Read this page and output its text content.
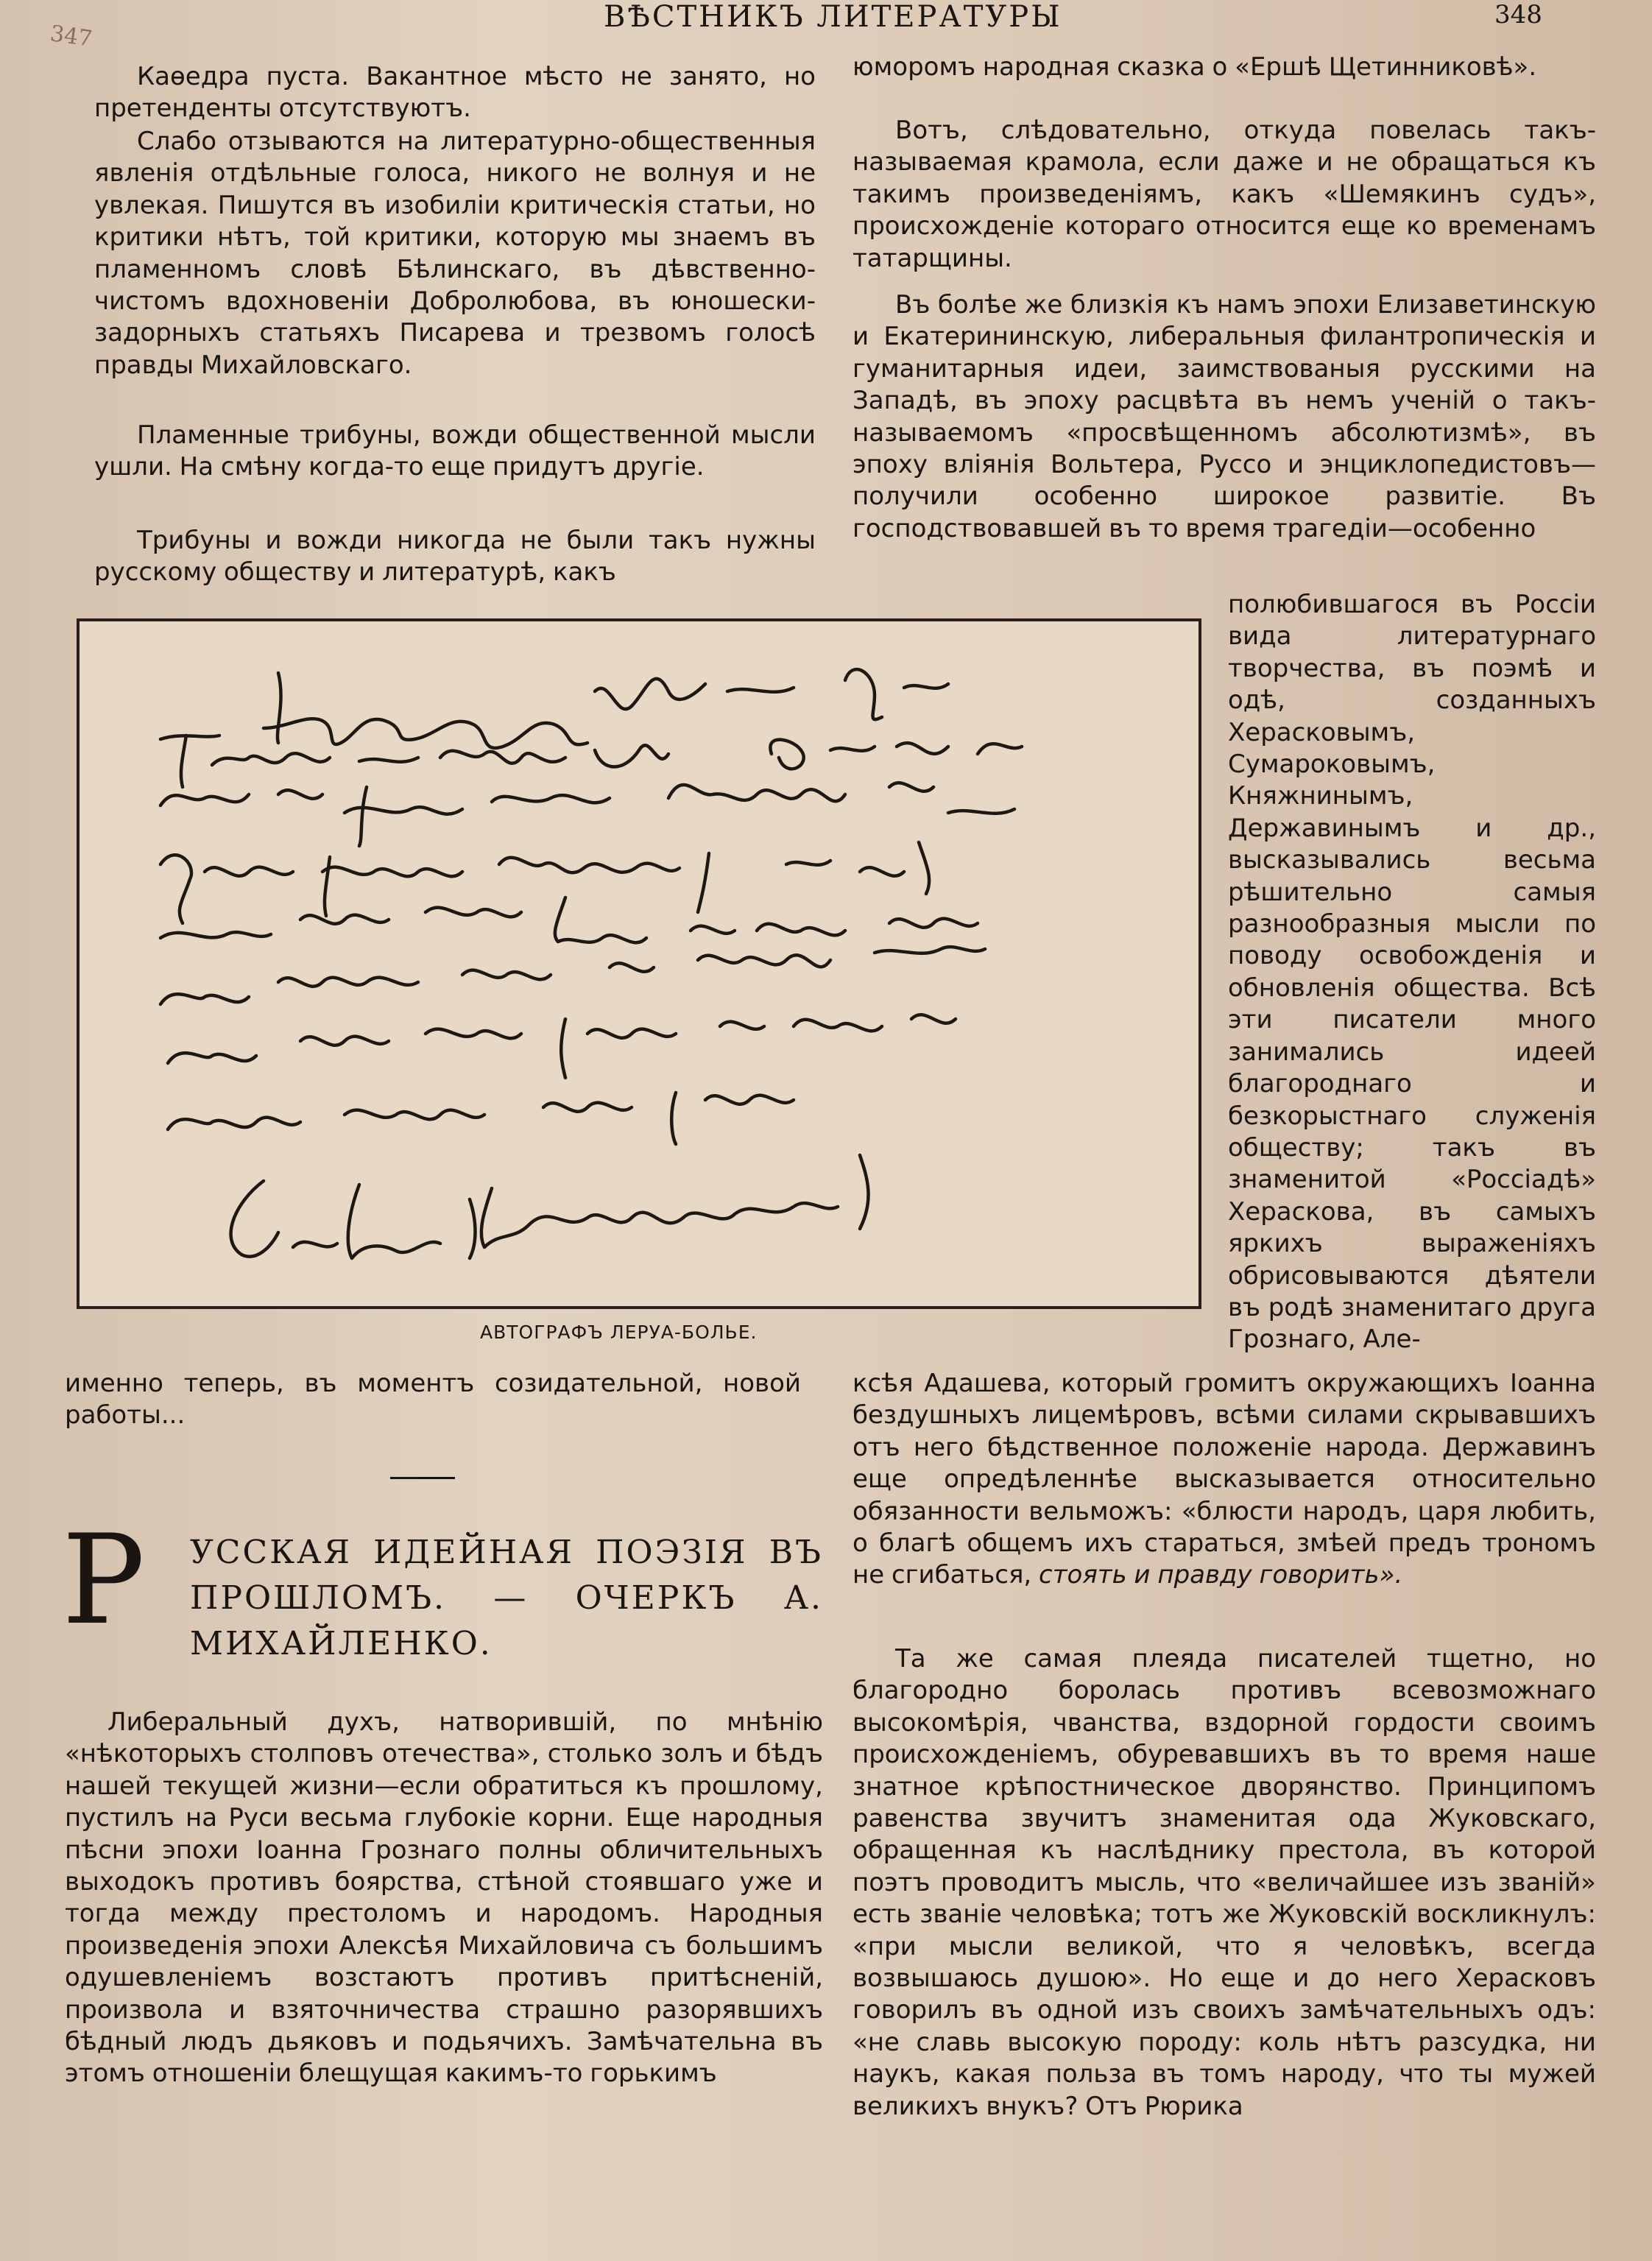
347
ВѢСТНИКЪ ЛИТЕРАТУРЫ	348

Каѳедра пуста. Вакантное мѣсто не занято, но претенденты отсутствуютъ.

Слабо отзываются на литературно-общественныя явленія отдѣльные голоса, никого не волнуя и не увлекая. Пишутся въ изобиліи критическія статьи, но критики нѣтъ, той критики, которую мы знаемъ въ пламенномъ словѣ Бѣлинскаго, въ дѣвственно-чистомъ вдохновеніи Добролюбова, въ юношески-задорныхъ статьяхъ Писарева и трезвомъ голосѣ правды Михайловскаго.

Пламенные трибуны, вожди общественной мысли ушли. На смѣну когда-то еще придутъ другіе.

Трибуны и вожди никогда не были такъ нужны русскому обществу и литературѣ, какъ

юморомъ народная сказка о «Ершѣ Щетинниковѣ».

Вотъ, слѣдовательно, откуда повелась такъ-называемая крамола, если даже и не обращаться къ такимъ произведеніямъ, какъ «Шемякинъ судъ», происхожденіе котораго относится еще ко временамъ татарщины.

Въ болѣе же близкія къ намъ эпохи Елизаветинскую и Екатерининскую, либеральныя филантропическія и гуманитарныя идеи, заимствованыя русскими на Западѣ, въ эпоху расцвѣта въ немъ ученій о такъ-называемомъ «просвѣщенномъ абсолютизмѣ», въ эпоху вліянія Вольтера, Руссо и энциклопедистовъ—получили особенно широкое развитіе. Въ господствовавшей въ то время трагедіи—особенно

полюбившагося въ Россіи вида литературнаго творчества, въ поэмѣ и одѣ, созданныхъ Херасковымъ, Сумароковымъ, Княжнинымъ, Державинымъ и др., высказывались весьма рѣшительно самыя разнообразныя мысли по поводу освобожденія и обновленія общества. Всѣ эти писатели много занимались идеей благороднаго и безкорыстнаго служенія обществу; такъ въ знаменитой «Россіадѣ» Хераскова, въ самыхъ яркихъ выраженіяхъ обрисовываются дѣятели въ родѣ знаменитаго друга Грознаго, Але-

АВТОГРАФЪ ЛЕРУА-БОЛЬЕ.

именно теперь, въ моментъ созидательной, новой работы...

Р УССКАЯ ИДЕЙНАЯ ПОЭЗІЯ ВЪ ПРОШЛОМЪ. — ОЧЕРКЪ А. МИХАЙЛЕНКО.

Либеральный духъ, натворившій, по мнѣнію «нѣкоторыхъ столповъ отечества», столько золъ и бѣдъ нашей текущей жизни—если обратиться къ прошлому, пустилъ на Руси весьма глубокіе корни. Еще народныя пѣсни эпохи Іоанна Грознаго полны обличительныхъ выходокъ противъ боярства, стѣной стоявшаго уже и тогда между престоломъ и народомъ. Народныя произведенія эпохи Алексѣя Михайловича съ большимъ одушевленіемъ возстаютъ противъ притѣсненій, произвола и взяточничества страшно разорявшихъ бѣдный людъ дьяковъ и подьячихъ. Замѣчательна въ этомъ отношеніи блещущая какимъ-то горькимъ

ксѣя Адашева, который громитъ окружающихъ Іоанна бездушныхъ лицемѣровъ, всѣми силами скрывавшихъ отъ него бѣдственное положеніе народа. Державинъ еще опредѣленнѣе высказывается относительно обязанности вельможъ: «блюсти народъ, царя любить, о благѣ общемъ ихъ стараться, змѣей предъ трономъ не сгибаться, стоять и правду говорить».

Та же самая плеяда писателей тщетно, но благородно боролась противъ всевозможнаго высокомѣрія, чванства, вздорной гордости своимъ происхожденіемъ, обуревавшихъ въ то время наше знатное крѣпостническое дворянство. Принципомъ равенства звучитъ знаменитая ода Жуковскаго, обращенная къ наслѣднику престола, въ которой поэтъ проводитъ мысль, что «величайшее изъ званій» есть званіе человѣка; тотъ же Жуковскій воскликнулъ: «при мысли великой, что я человѣкъ, всегда возвышаюсь душою». Но еще и до него Херасковъ говорилъ въ одной изъ своихъ замѣчательныхъ одъ: «не славь высокую породу: коль нѣтъ разсудка, ни наукъ, какая польза въ томъ народу, что ты мужей великихъ внукъ? Отъ Рюрика
